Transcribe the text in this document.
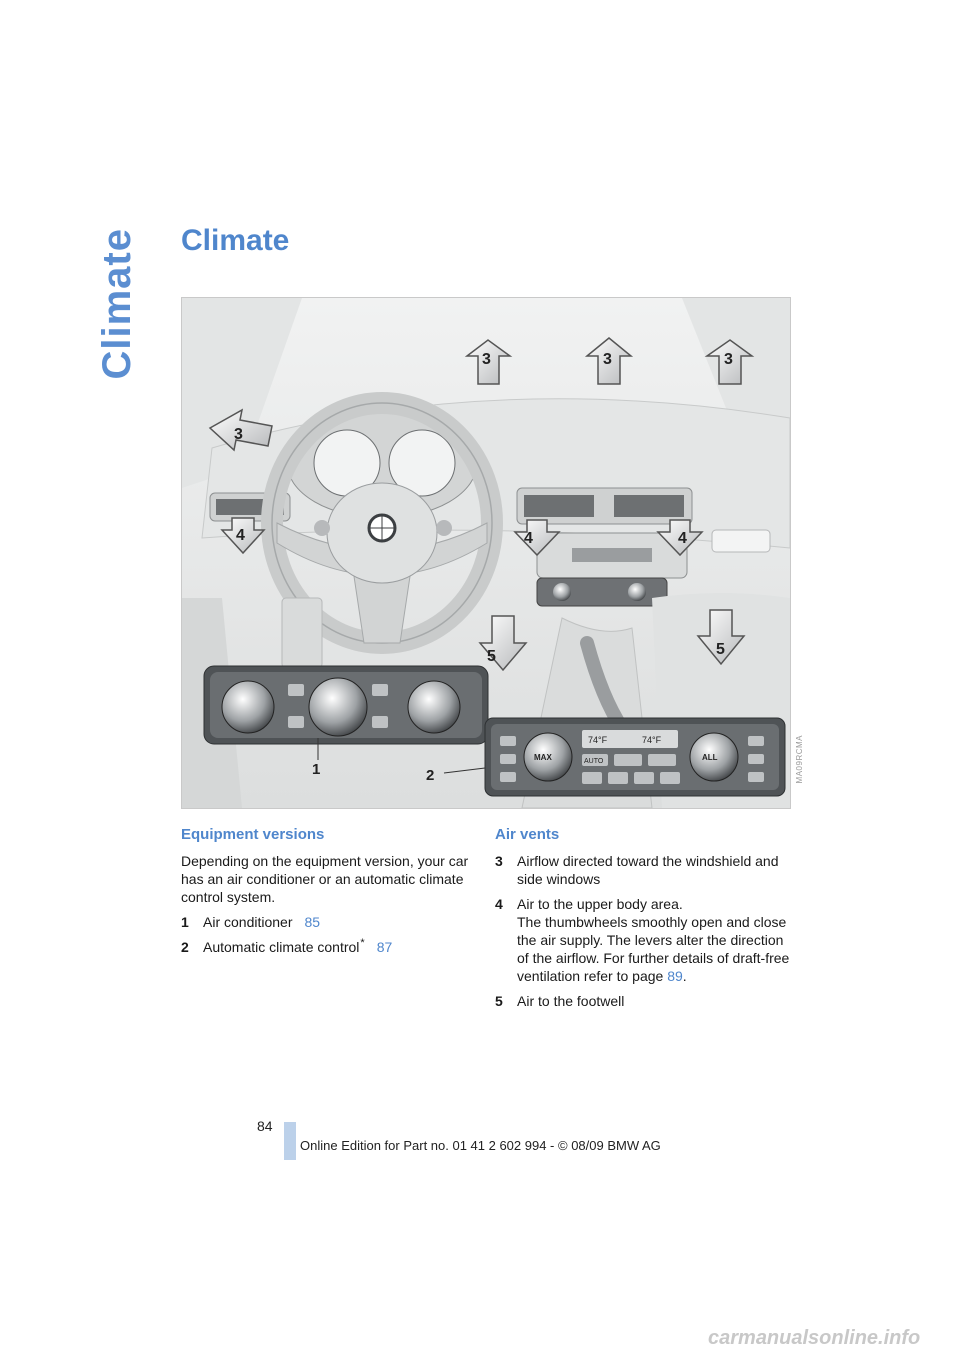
Climate Climate
3
3	3	3
4	4	4
5	5
1
74°F	74°F
MAX	ALL
AUTO
2	MA09RCMA
Equipment versions

Depending on the equipment version, your car has an air conditioner or an automatic climate control system.

1	Air conditioner 85
2	Automatic climate control* 87
Air vents
3	Airflow directed toward the windshield and side windows
4	Air to the upper body area.
The thumbwheels smoothly open and close the air supply. The levers alter the direction of the airflow. For further details of draft-free ventilation refer to page 89.
5	Air to the footwell
84
Online Edition for Part no. 01 41 2 602 994 - © 08/09 BMW AG
carmanualsonline.info
